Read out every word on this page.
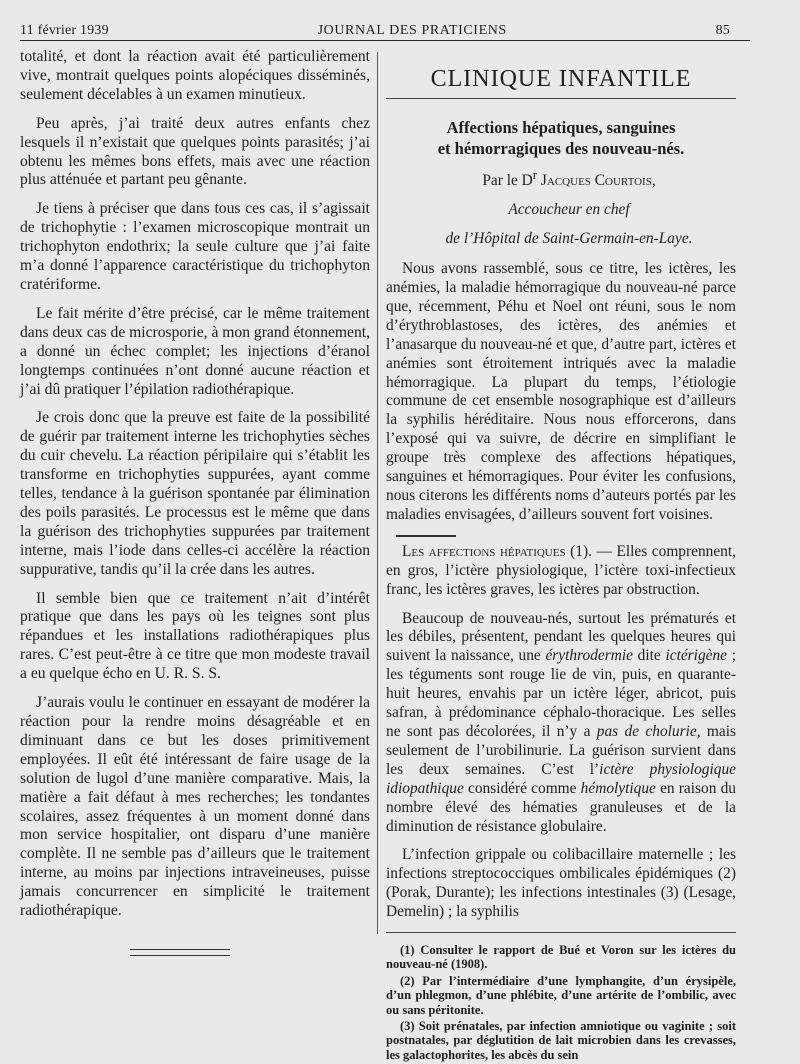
11 février 1939	JOURNAL DES PRATICIENS	85

totalité, et dont la réaction avait été particulièrement vive, montrait quelques points alopéciques disséminés, seulement décelables à un examen minutieux.

Peu après, j’ai traité deux autres enfants chez lesquels il n’existait que quelques points parasités; j’ai obtenu les mêmes bons effets, mais avec une réaction plus atténuée et partant peu gênante.

Je tiens à préciser que dans tous ces cas, il s’agissait de trichophytie : l’examen microscopique montrait un trichophyton endothrix; la seule culture que j’ai faite m’a donné l’apparence caractéristique du trichophyton cratériforme.

Le fait mérite d’être précisé, car le même traitement dans deux cas de microsporie, à mon grand étonnement, a donné un échec complet; les injections d’éranol longtemps continuées n’ont donné aucune réaction et j’ai dû pratiquer l’épilation radiothérapique.

Je crois donc que la preuve est faite de la possibilité de guérir par traitement interne les trichophyties sèches du cuir chevelu. La réaction péripilaire qui s’établit les transforme en trichophyties suppurées, ayant comme telles, tendance à la guérison spontanée par élimination des poils parasités. Le processus est le même que dans la guérison des trichophyties suppurées par traitement interne, mais l’iode dans celles-ci accélère la réaction suppurative, tandis qu’il la crée dans les autres.

Il semble bien que ce traitement n’ait d’intérêt pratique que dans les pays où les teignes sont plus répandues et les installations radiothérapiques plus rares. C’est peut-être à ce titre que mon modeste travail a eu quelque écho en U. R. S. S.

J’aurais voulu le continuer en essayant de modérer la réaction pour la rendre moins désagréable et en diminuant dans ce but les doses primitivement employées. Il eût été intéressant de faire usage de la solution de lugol d’une manière comparative. Mais, la matière a fait défaut à mes recherches; les tondantes scolaires, assez fréquentes à un moment donné dans mon service hospitalier, ont disparu d’une manière complète. Il ne semble pas d’ailleurs que le traitement interne, au moins par injections intraveineuses, puisse jamais concurrencer en simplicité le traitement radiothérapique.

CLINIQUE INFANTILE
Affections hépatiques, sanguines
et hémorragiques des nouveau-nés.

Par le $D^r$ Jacques Courtois,

Accoucheur en chef

de l’Hôpital de Saint-Germain-en-Laye.

Nous avons rassemblé, sous ce titre, les ictères, les anémies, la maladie hémorragique du nouveau-né parce que, récemment, Péhu et Noel ont réuni, sous le nom d’érythroblastoses, des ictères, des anémies et l’anasarque du nouveau-né et que, d’autre part, ictères et anémies sont étroitement intriqués avec la maladie hémorragique. La plupart du temps, l’étiologie commune de cet ensemble nosographique est d’ailleurs la syphilis héréditaire. Nous nous efforcerons, dans l’exposé qui va suivre, de décrire en simplifiant le groupe très complexe des affections hépatiques, sanguines et hémorragiques. Pour éviter les confusions, nous citerons les différents noms d’auteurs portés par les maladies envisagées, d’ailleurs souvent fort voisines.

Les affections hépatiques (1). — Elles comprennent, en gros, l’ictère physiologique, l’ictère toxi-infectieux franc, les ictères graves, les ictères par obstruction.

Beaucoup de nouveau-nés, surtout les prématurés et les débiles, présentent, pendant les quelques heures qui suivent la naissance, une érythrodermie dite ictérigène ; les téguments sont rouge lie de vin, puis, en quarante-huit heures, envahis par un ictère léger, abricot, puis safran, à prédominance céphalo-thoracique. Les selles ne sont pas décolorées, il n’y a pas de cholurie, mais seulement de l’urobilinurie. La guérison survient dans les deux semaines. C’est l’ictère physiologique idiopathique considéré comme hémolytique en raison du nombre élevé des hématies granuleuses et de la diminution de résistance globulaire.

L’infection grippale ou colibacillaire maternelle ; les infections streptococciques ombilicales épidémiques (2) (Porak, Durante); les infections intestinales (3) (Lesage, Demelin) ; la syphilis

(1) Consulter le rapport de Bué et Voron sur les ictères du nouveau-né (1908).

(2) Par l’intermédiaire d’une lymphangite, d’un érysipèle, d’un phlegmon, d’une phlébite, d’une artérite de l’ombilic, avec ou sans péritonite.

(3) Soit prénatales, par infection amniotique ou vaginite ; soit postnatales, par déglutition de lait microbien dans les crevasses, les galactophorites, les abcès du sein
